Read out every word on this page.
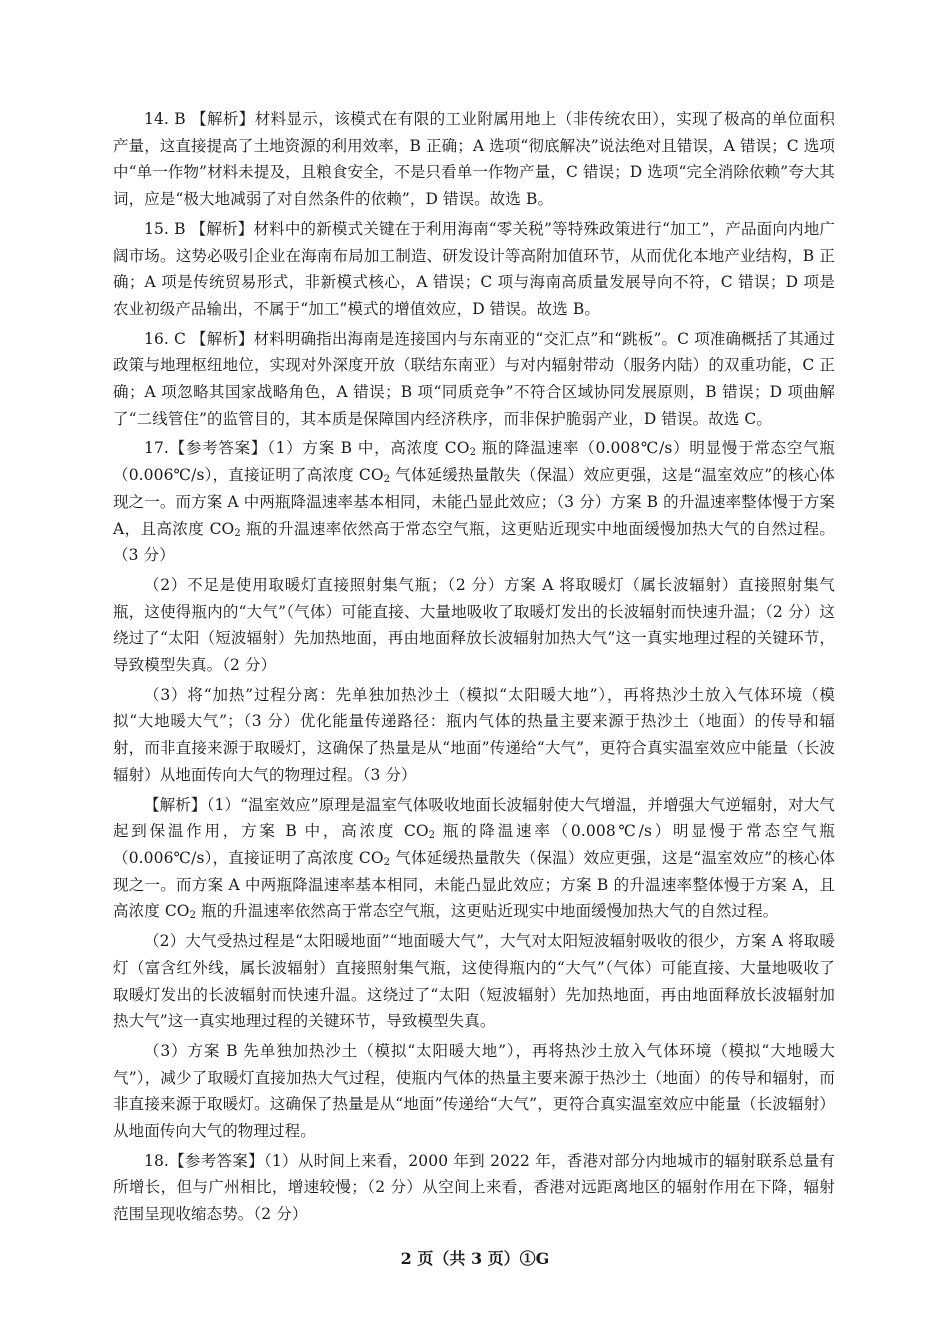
14. B 【解析】材料显示，该模式在有限的工业附属用地上（非传统农田），实现了极高的单位面积产量，这直接提高了土地资源的利用效率，B 正确；A 选项“彻底解决”说法绝对且错误，A 错误；C 选项中“单一作物”材料未提及，且粮食安全，不是只看单一作物产量，C 错误；D 选项“完全消除依赖”夸大其词，应是“极大地减弱了对自然条件的依赖”，D 错误。故选 B。

15. B 【解析】材料中的新模式关键在于利用海南“零关税”等特殊政策进行“加工”，产品面向内地广阔市场。这势必吸引企业在海南布局加工制造、研发设计等高附加值环节，从而优化本地产业结构，B 正确；A 项是传统贸易形式，非新模式核心，A 错误；C 项与海南高质量发展导向不符，C 错误；D 项是农业初级产品输出，不属于“加工”模式的增值效应，D 错误。故选 B。

16. C 【解析】材料明确指出海南是连接国内与东南亚的“交汇点”和“跳板”。C 项准确概括了其通过政策与地理枢纽地位，实现对外深度开放（联结东南亚）与对内辐射带动（服务内陆）的双重功能，C 正确；A 项忽略其国家战略角色，A 错误；B 项“同质竞争”不符合区域协同发展原则，B 错误；D 项曲解了“二线管住”的监管目的，其本质是保障国内经济秩序，而非保护脆弱产业，D 错误。故选 C。

17.【参考答案】（1）方案 B 中，高浓度 $CO_2$ 瓶的降温速率（0.008℃/s）明显慢于常态空气瓶（0.006℃/s），直接证明了高浓度 $CO_2$ 气体延缓热量散失（保温）效应更强，这是“温室效应”的核心体现之一。而方案 A 中两瓶降温速率基本相同，未能凸显此效应；（3 分）方案 B 的升温速率整体慢于方案 A，且高浓度 $CO_2$ 瓶的升温速率依然高于常态空气瓶，这更贴近现实中地面缓慢加热大气的自然过程。（3 分）

（2）不足是使用取暖灯直接照射集气瓶；（2 分）方案 A 将取暖灯（属长波辐射）直接照射集气瓶，这使得瓶内的“大气”（气体）可能直接、大量地吸收了取暖灯发出的长波辐射而快速升温；（2 分）这绕过了“太阳（短波辐射）先加热地面，再由地面释放长波辐射加热大气”这一真实地理过程的关键环节，导致模型失真。（2 分）

（3）将“加热”过程分离：先单独加热沙土（模拟“太阳暖大地”），再将热沙土放入气体环境（模拟“大地暖大气”；（3 分）优化能量传递路径：瓶内气体的热量主要来源于热沙土（地面）的传导和辐射，而非直接来源于取暖灯，这确保了热量是从“地面”传递给“大气”，更符合真实温室效应中能量（长波辐射）从地面传向大气的物理过程。（3 分）

【解析】（1）“温室效应”原理是温室气体吸收地面长波辐射使大气增温，并增强大气逆辐射，对大气起到保温作用，方案 B 中，高浓度 $CO_2$ 瓶的降温速率（0.008℃/s）明显慢于常态空气瓶（0.006℃/s），直接证明了高浓度 $CO_2$ 气体延缓热量散失（保温）效应更强，这是“温室效应”的核心体现之一。而方案 A 中两瓶降温速率基本相同，未能凸显此效应；方案 B 的升温速率整体慢于方案 A，且高浓度 $CO_2$ 瓶的升温速率依然高于常态空气瓶，这更贴近现实中地面缓慢加热大气的自然过程。

（2）大气受热过程是“太阳暖地面”“地面暖大气”，大气对太阳短波辐射吸收的很少，方案 A 将取暖灯（富含红外线，属长波辐射）直接照射集气瓶，这使得瓶内的“大气”（气体）可能直接、大量地吸收了取暖灯发出的长波辐射而快速升温。这绕过了“太阳（短波辐射）先加热地面，再由地面释放长波辐射加热大气”这一真实地理过程的关键环节，导致模型失真。

（3）方案 B 先单独加热沙土（模拟“太阳暖大地”），再将热沙土放入气体环境（模拟“大地暖大气”），减少了取暖灯直接加热大气过程，使瓶内气体的热量主要来源于热沙土（地面）的传导和辐射，而非直接来源于取暖灯。这确保了热量是从“地面”传递给“大气”，更符合真实温室效应中能量（长波辐射）从地面传向大气的物理过程。

18.【参考答案】（1）从时间上来看，2000 年到 2022 年，香港对部分内地城市的辐射联系总量有所增长，但与广州相比，增速较慢；（2 分）从空间上来看，香港对远距离地区的辐射作用在下降，辐射范围呈现收缩态势。（2 分）

2 页（共 3 页）①G
